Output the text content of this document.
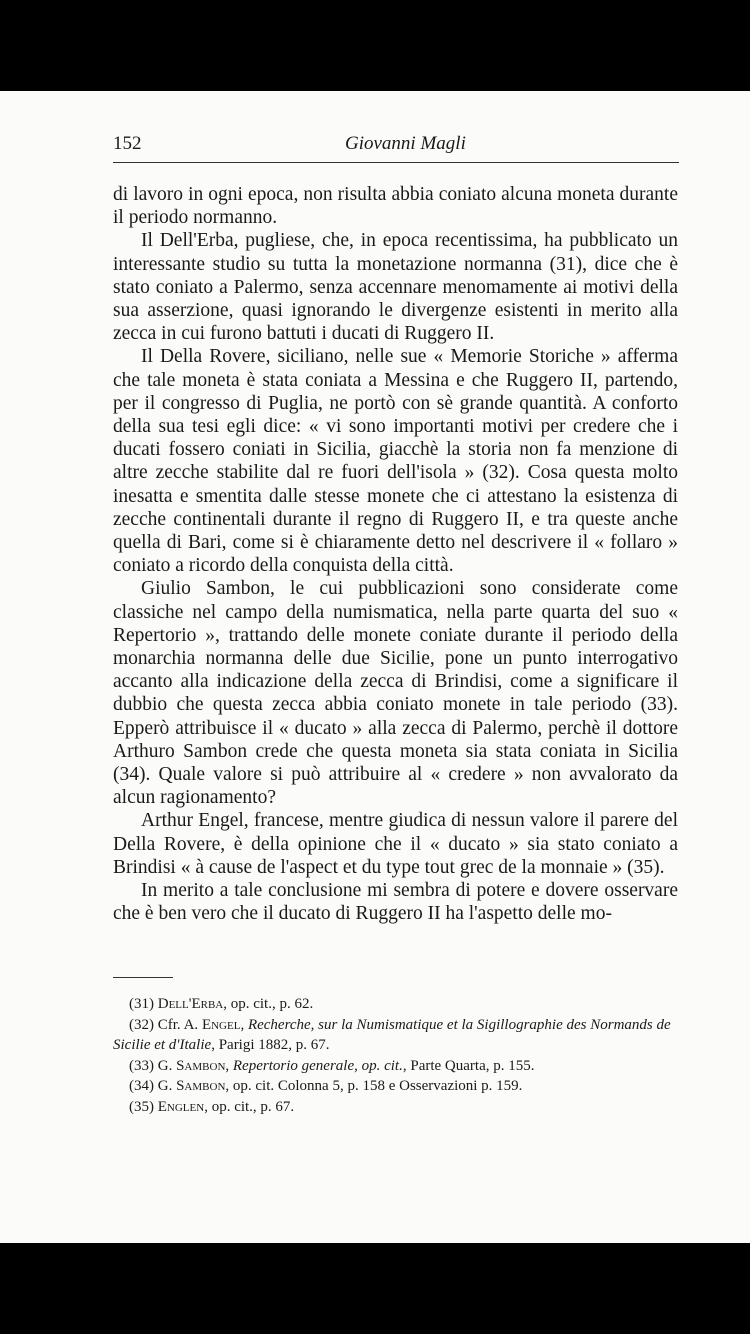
152	Giovanni Magli

di lavoro in ogni epoca, non risulta abbia coniato alcuna moneta durante il periodo normanno.

Il Dell'Erba, pugliese, che, in epoca recentissima, ha pubblicato un interessante studio su tutta la monetazione normanna (31), dice che è stato coniato a Palermo, senza accennare menomamente ai motivi della sua asserzione, quasi ignorando le divergenze esistenti in merito alla zecca in cui furono battuti i ducati di Ruggero II.

Il Della Rovere, siciliano, nelle sue « Memorie Storiche » afferma che tale moneta è stata coniata a Messina e che Ruggero II, partendo, per il congresso di Puglia, ne portò con sè grande quantità. A conforto della sua tesi egli dice: « vi sono importanti motivi per credere che i ducati fossero coniati in Sicilia, giacchè la storia non fa menzione di altre zecche stabilite dal re fuori dell'isola » (32). Cosa questa molto inesatta e smentita dalle stesse monete che ci attestano la esistenza di zecche continentali durante il regno di Ruggero II, e tra queste anche quella di Bari, come si è chiaramente detto nel descrivere il « follaro » coniato a ricordo della conquista della città.

Giulio Sambon, le cui pubblicazioni sono considerate come classiche nel campo della numismatica, nella parte quarta del suo « Repertorio », trattando delle monete coniate durante il periodo della monarchia normanna delle due Sicilie, pone un punto interrogativo accanto alla indicazione della zecca di Brindisi, come a significare il dubbio che questa zecca abbia coniato monete in tale periodo (33). Epperò attribuisce il « ducato » alla zecca di Palermo, perchè il dottore Arthuro Sambon crede che questa moneta sia stata coniata in Sicilia (34). Quale valore si può attribuire al « credere » non avvalorato da alcun ragionamento?

Arthur Engel, francese, mentre giudica di nessun valore il parere del Della Rovere, è della opinione che il « ducato » sia stato coniato a Brindisi « à cause de l'aspect et du type tout grec de la monnaie » (35).

In merito a tale conclusione mi sembra di potere e dovere osservare che è ben vero che il ducato di Ruggero II ha l'aspetto delle mo-

(31) Dell'Erba, op. cit., p. 62.

(32) Cfr. A. Engel, Recherche, sur la Numismatique et la Sigillographie des Normands de Sicilie et d'Italie, Parigi 1882, p. 67.

(33) G. Sambon, Repertorio generale, op. cit., Parte Quarta, p. 155.

(34) G. Sambon, op. cit. Colonna 5, p. 158 e Osservazioni p. 159.

(35) Englen, op. cit., p. 67.
